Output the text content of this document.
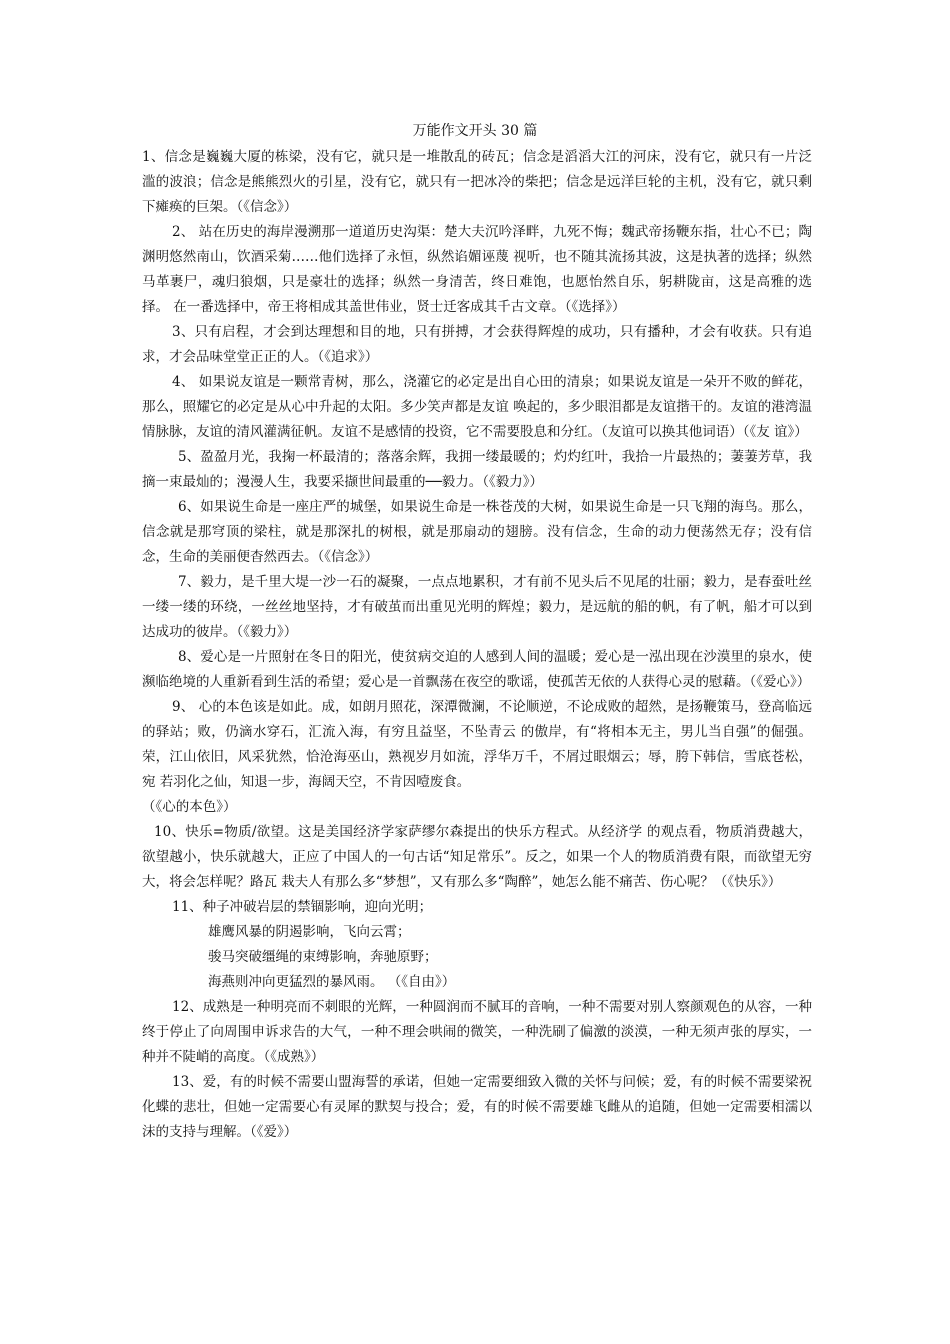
万能作文开头 30 篇

1、信念是巍巍大厦的栋梁，没有它，就只是一堆散乱的砖瓦；信念是滔滔大江的河床，没有它，就只有一片泛滥的波浪；信念是熊熊烈火的引星，没有它，就只有一把冰冷的柴把；信念是远洋巨轮的主机，没有它，就只剩下瘫痪的巨架。（《信念》）

2、 站在历史的海岸漫溯那一道道历史沟渠：楚大夫沉吟泽畔，九死不悔；魏武帝扬鞭东指，壮心不已；陶渊明悠然南山，饮酒采菊……他们选择了永恒，纵然谄媚诬蔑 视听，也不随其流扬其波，这是执著的选择；纵然马革裹尸，魂归狼烟，只是豪壮的选择；纵然一身清苦，终日难饱，也愿怡然自乐，躬耕陇亩，这是高雅的选择。 在一番选择中，帝王将相成其盖世伟业，贤士迁客成其千古文章。（《选择》）

3、只有启程，才会到达理想和目的地，只有拼搏，才会获得辉煌的成功，只有播种，才会有收获。只有追求，才会品味堂堂正正的人。（《追求》）

4、 如果说友谊是一颗常青树，那么，浇灌它的必定是出自心田的清泉；如果说友谊是一朵开不败的鲜花，那么，照耀它的必定是从心中升起的太阳。多少笑声都是友谊 唤起的，多少眼泪都是友谊揩干的。友谊的港湾温情脉脉，友谊的清风灌满征帆。友谊不是感情的投资，它不需要股息和分红。（友谊可以换其他词语）（《友 谊》）

5、盈盈月光，我掬一杯最清的；落落余辉，我拥一缕最暖的；灼灼红叶，我拾一片最热的；萋萋芳草，我摘一束最灿的；漫漫人生，我要采撷世间最重的──毅力。（《毅力》）

6、如果说生命是一座庄严的城堡，如果说生命是一株苍茂的大树，如果说生命是一只飞翔的海鸟。那么，信念就是那穹顶的梁柱，就是那深扎的树根，就是那扇动的翅膀。没有信念，生命的动力便荡然无存；没有信念，生命的美丽便杳然西去。（《信念》）

7、毅力，是千里大堤一沙一石的凝聚，一点点地累积，才有前不见头后不见尾的壮丽；毅力，是春蚕吐丝一缕一缕的环绕，一丝丝地坚持，才有破茧而出重见光明的辉煌；毅力，是远航的船的帆，有了帆，船才可以到达成功的彼岸。（《毅力》）

8、爱心是一片照射在冬日的阳光，使贫病交迫的人感到人间的温暖；爱心是一泓出现在沙漠里的泉水，使濒临绝境的人重新看到生活的希望；爱心是一首飘荡在夜空的歌谣，使孤苦无依的人获得心灵的慰藉。（《爱心》）

9、 心的本色该是如此。成，如朗月照花，深潭微澜，不论顺逆，不论成败的超然，是扬鞭策马，登高临远的驿站；败，仍滴水穿石，汇流入海，有穷且益坚，不坠青云 的傲岸，有“将相本无主，男儿当自强”的倔强。荣，江山依旧，风采犹然，恰沧海巫山，熟视岁月如流，浮华万千，不屑过眼烟云；辱，胯下韩信，雪底苍松，宛 若羽化之仙，知退一步，海阔天空，不肯因噎废食。

（《心的本色》）

10、快乐=物质/欲望。这是美国经济学家萨缪尔森提出的快乐方程式。从经济学 的观点看，物质消费越大，欲望越小，快乐就越大，正应了中国人的一句古话“知足常乐”。反之，如果一个人的物质消费有限，而欲望无穷大，将会怎样呢？路瓦 栽夫人有那么多“梦想”，又有那么多“陶醉”，她怎么能不痛苦、伤心呢？（《快乐》）

11、种子冲破岩层的禁锢影响，迎向光明；

雄鹰风暴的阴遏影响，飞向云霄；

骏马突破缰绳的束缚影响，奔驰原野；

海燕则冲向更猛烈的暴风雨。 （《自由》）

12、成熟是一种明亮而不刺眼的光辉，一种圆润而不腻耳的音响，一种不需要对别人察颜观色的从容，一种终于停止了向周围申诉求告的大气，一种不理会哄闹的微笑，一种洗刷了偏激的淡漠，一种无须声张的厚实，一种并不陡峭的高度。（《成熟》）

13、爱，有的时候不需要山盟海誓的承诺，但她一定需要细致入微的关怀与问候；爱，有的时候不需要梁祝化蝶的悲壮，但她一定需要心有灵犀的默契与投合；爱，有的时候不需要雄飞雌从的追随，但她一定需要相濡以沫的支持与理解。（《爱》）
